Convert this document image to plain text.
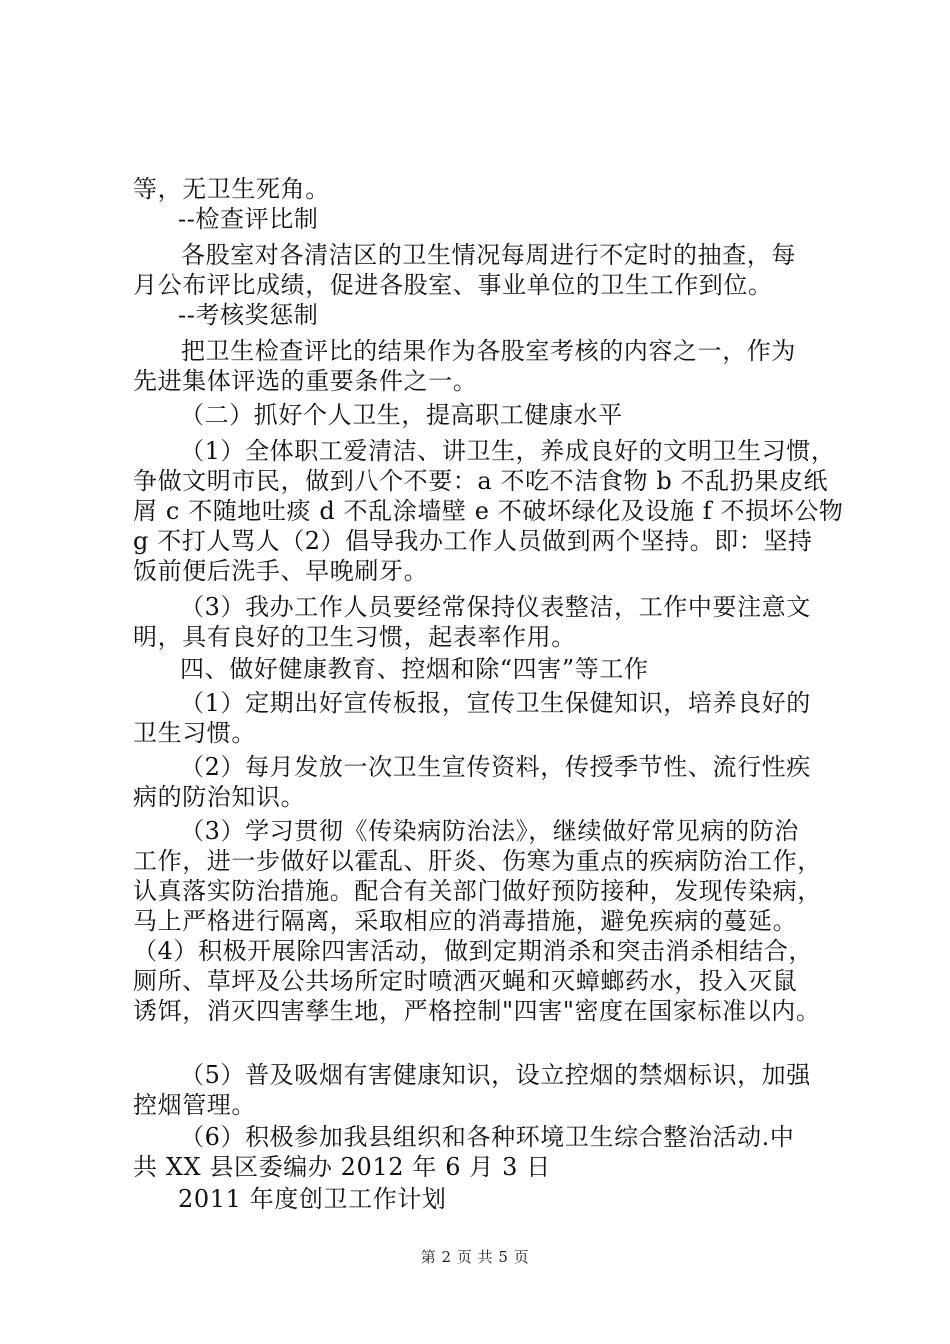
等，无卫生死角。
--检查评比制
各股室对各清洁区的卫生情况每周进行不定时的抽查，每
月公布评比成绩，促进各股室、事业单位的卫生工作到位。
--考核奖惩制
把卫生检查评比的结果作为各股室考核的内容之一，作为
先进集体评选的重要条件之一。
（二）抓好个人卫生，提高职工健康水平
（1）全体职工爱清洁、讲卫生，养成良好的文明卫生习惯，
争做文明市民，做到八个不要：a 不吃不洁食物 b 不乱扔果皮纸
屑 c 不随地吐痰 d 不乱涂墙壁 e 不破坏绿化及设施 f 不损坏公物
g 不打人骂人（2）倡导我办工作人员做到两个坚持。即：坚持
饭前便后洗手、早晚刷牙。
（3）我办工作人员要经常保持仪表整洁，工作中要注意文
明，具有良好的卫生习惯，起表率作用。
四、做好健康教育、控烟和除“四害”等工作
（1）定期出好宣传板报，宣传卫生保健知识，培养良好的
卫生习惯。
（2）每月发放一次卫生宣传资料，传授季节性、流行性疾
病的防治知识。
（3）学习贯彻《传染病防治法》，继续做好常见病的防治
工作，进一步做好以霍乱、肝炎、伤寒为重点的疾病防治工作，
认真落实防治措施。配合有关部门做好预防接种，发现传染病，
马上严格进行隔离，采取相应的消毒措施，避免疾病的蔓延。
（4）积极开展除四害活动，做到定期消杀和突击消杀相结合，
厕所、草坪及公共场所定时喷洒灭蝇和灭蟑螂药水，投入灭鼠
诱饵，消灭四害孳生地，严格控制"四害"密度在国家标准以内。
（5）普及吸烟有害健康知识，设立控烟的禁烟标识，加强
控烟管理。
（6）积极参加我县组织和各种环境卫生综合整治活动.中
共 XX 县区委编办 2012 年 6 月 3 日
2011 年度创卫工作计划
第 2 页 共 5 页
